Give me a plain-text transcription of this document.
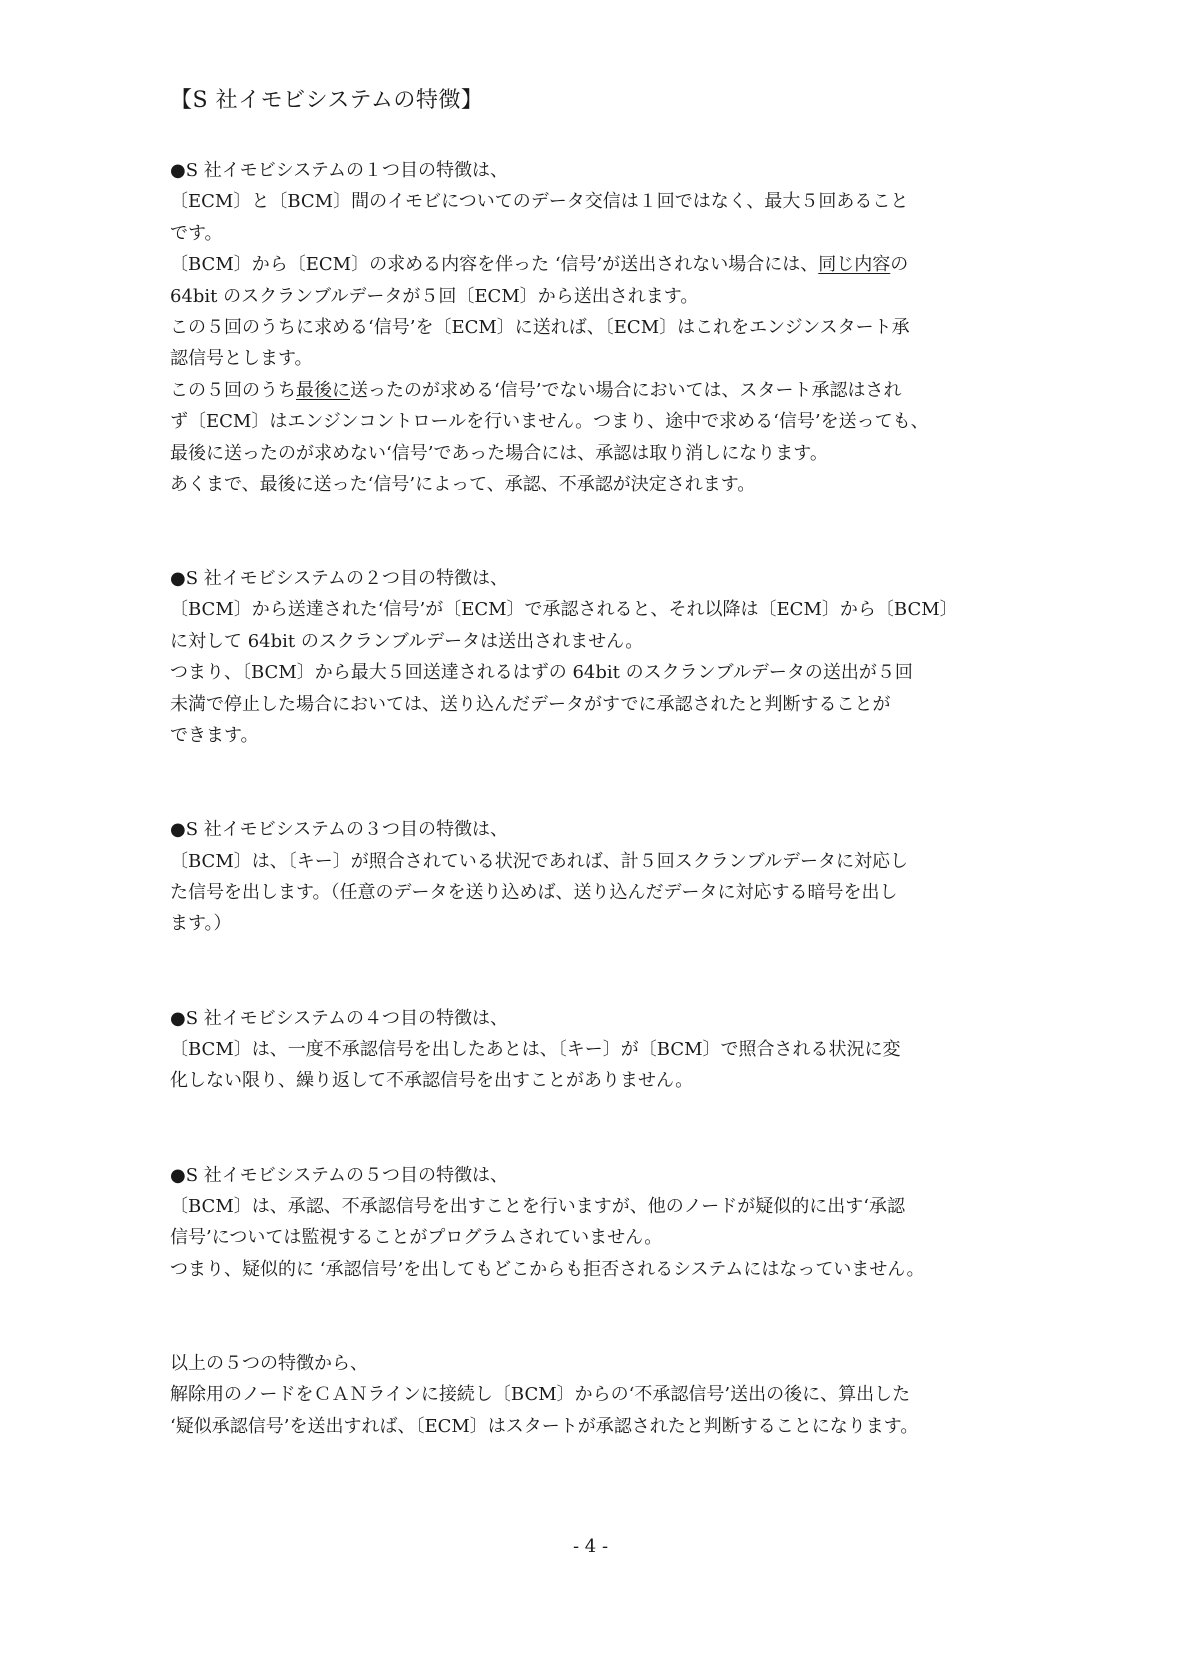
【S 社イモビシステムの特徴】
●S 社イモビシステムの１つ目の特徴は、
〔ECM〕と〔BCM〕間のイモビについてのデータ交信は１回ではなく、最大５回あること
です。
〔BCM〕から〔ECM〕の求める内容を伴った ‘信号’が送出されない場合には、同じ内容の
64bit のスクランブルデータが５回〔ECM〕から送出されます。
この５回のうちに求める‘信号’を〔ECM〕に送れば、〔ECM〕はこれをエンジンスタート承
認信号とします。
この５回のうち最後に送ったのが求める‘信号’でない場合においては、スタート承認はされ
ず〔ECM〕はエンジンコントロールを行いません。つまり、途中で求める‘信号’を送っても、
最後に送ったのが求めない‘信号’であった場合には、承認は取り消しになります。
あくまで、最後に送った‘信号’によって、承認、不承認が決定されます。
●S 社イモビシステムの２つ目の特徴は、
〔BCM〕から送達された‘信号’が〔ECM〕で承認されると、それ以降は〔ECM〕から〔BCM〕
に対して 64bit のスクランブルデータは送出されません。
つまり、〔BCM〕から最大５回送達されるはずの 64bit のスクランブルデータの送出が５回
未満で停止した場合においては、送り込んだデータがすでに承認されたと判断することが
できます。
●S 社イモビシステムの３つ目の特徴は、
〔BCM〕は、〔キー〕が照合されている状況であれば、計５回スクランブルデータに対応し
た信号を出します。（任意のデータを送り込めば、送り込んだデータに対応する暗号を出し
ます。）
●S 社イモビシステムの４つ目の特徴は、
〔BCM〕は、一度不承認信号を出したあとは、〔キー〕が〔BCM〕で照合される状況に変
化しない限り、繰り返して不承認信号を出すことがありません。
●S 社イモビシステムの５つ目の特徴は、
〔BCM〕は、承認、不承認信号を出すことを行いますが、他のノードが疑似的に出す‘承認
信号’については監視することがプログラムされていません。
つまり、疑似的に ‘承認信号’を出してもどこからも拒否されるシステムにはなっていません。
以上の５つの特徴から、
解除用のノードをＣＡＮラインに接続し〔BCM〕からの‘不承認信号’送出の後に、算出した
‘疑似承認信号’を送出すれば、〔ECM〕はスタートが承認されたと判断することになります。
- 4 -
